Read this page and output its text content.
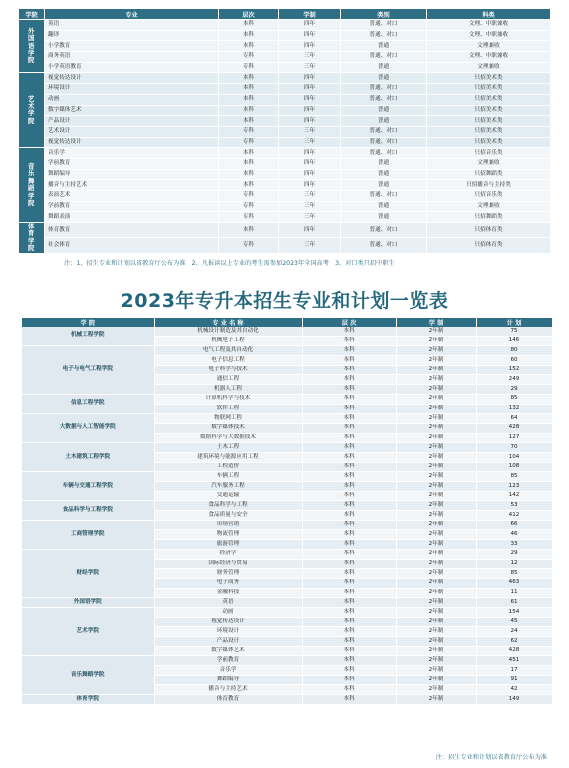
学院	专业	层次	学制	类别	科类

外国语学院	英语	本科	四年	普通、对口	文理、中职兼收
	翻译	本科	四年	普通、对口	文理、中职兼收
	小学教育	本科	四年	普通	文理兼收
	商务英语	专科	三年	普通、对口	文理、中职兼收
	小学英语教育	专科	三年	普通	文理兼收

艺术学院	视觉传达设计	本科	四年	普通	只招美术类
	环境设计	本科	四年	普通、对口	只招美术类
	动画	本科	四年	普通、对口	只招美术类
	数字媒体艺术	本科	四年	普通	只招美术类
	产品设计	本科	四年	普通	只招美术类
	艺术设计	专科	三年	普通、对口	只招美术类
	视觉传达设计	专科	三年	普通、对口	只招美术类

音乐舞蹈学院	音乐学	本科	四年	普通、对口	只招音乐类
	学前教育	本科	四年	普通	文理兼收
	舞蹈编导	本科	四年	普通	只招舞蹈类
	播音与主持艺术	本科	四年	普通	只招播音与主持类
	表演艺术	专科	三年	普通、对口	只招音乐类
	学前教育	专科	三年	普通	文理兼收
	舞蹈表演	专科	三年	普通	只招舞蹈类

体育学院	体育教育	本科	四年	普通、对口	只招体育类
	社会体育	专科	三年	普通、对口	只招体育类
注：1、招生专业和计划以省教育厅公布为准　2、凡报读以上专业的考生需参加2023年全国高考　3、对口类只招中职生
2023年专升本招生专业和计划一览表
学 院	专 业 名 称	层 次	学 制	计 划
机械工程学院	机械设计制造及其自动化	本科	2年制	75
	机械电子工程	本科	2年制	146
电子与电气工程学院	电气工程及其自动化	本科	2年制	80
	电子信息工程	本科	2年制	60
	电子科学与技术	本科	2年制	152
	通信工程	本科	2年制	249
	机器人工程	本科	2年制	29
信息工程学院	计算机科学与技术	本科	2年制	85
	软件工程	本科	2年制	132
大数据与人工智能学院	物联网工程	本科	2年制	64
	数字媒体技术	本科	2年制	428
	数据科学与大数据技术	本科	2年制	127
土木建筑工程学院	土木工程	本科	2年制	70
	建筑环境与能源应用工程	本科	2年制	104
	工程造价	本科	2年制	108
车辆与交通工程学院	车辆工程	本科	2年制	85
	汽车服务工程	本科	2年制	123
	交通运输	本科	2年制	142
食品科学与工程学院	食品科学与工程	本科	2年制	53
	食品质量与安全	本科	2年制	412
工商管理学院	市场营销	本科	2年制	66
	物流管理	本科	2年制	46
	旅游管理	本科	2年制	33
财经学院	经济学	本科	2年制	29
	国际经济与贸易	本科	2年制	12
	财务管理	本科	2年制	85
	电子商务	本科	2年制	463
	金融科技	本科	2年制	11
外国语学院	英语	本科	2年制	61
艺术学院	动画	本科	2年制	154
	视觉传达设计	本科	2年制	45
	环境设计	本科	2年制	24
	产品设计	本科	2年制	62
	数字媒体艺术	本科	2年制	428
音乐舞蹈学院	学前教育	本科	2年制	451
	音乐学	本科	2年制	17
	舞蹈编导	本科	2年制	91
	播音与主持艺术	本科	2年制	42
体育学院	体育教育	本科	2年制	149
注：招生专业和计划以省教育厅公布为准
